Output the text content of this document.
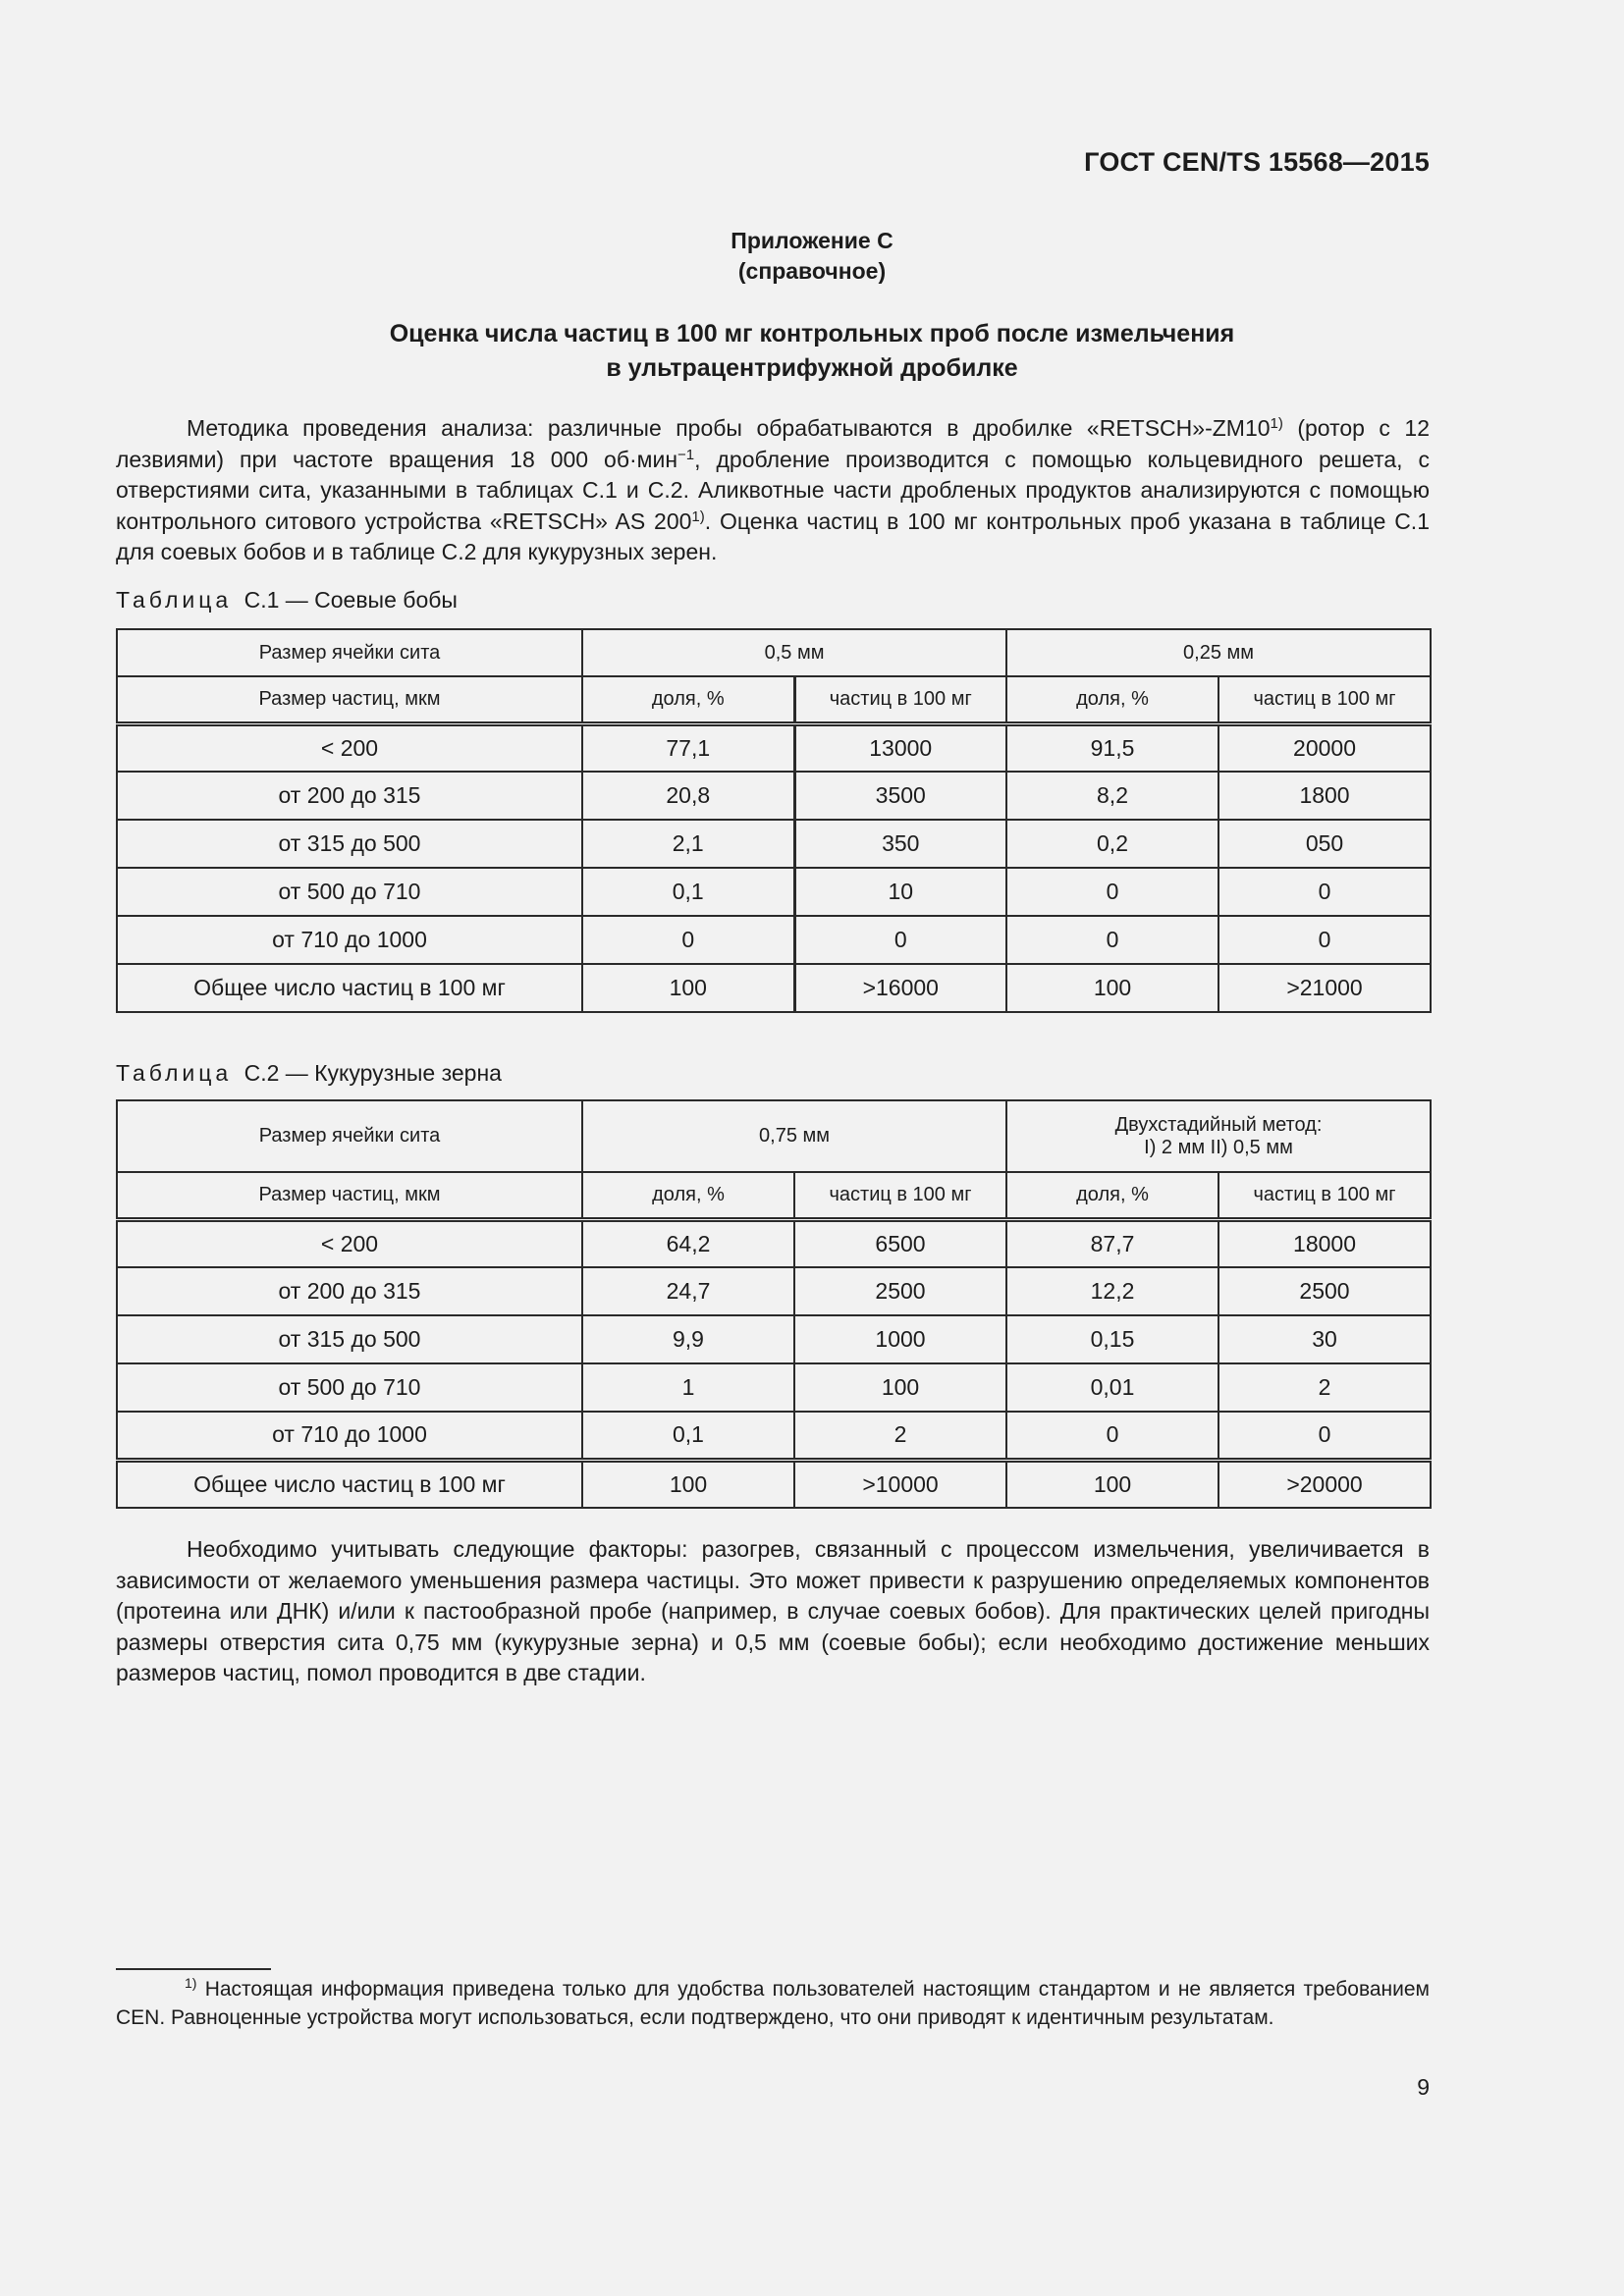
ГОСТ CEN/TS 15568—2015
Приложение С
(справочное)
Оценка числа частиц в 100 мг контрольных проб после измельчения
в ультрацентрифужной дробилке

Методика проведения анализа: различные пробы обрабатываются в дробилке «RETSCH»-ZM10$^{1)}$ (ротор с 12 лезвиями) при частоте вращения 18 000 об·мин$^{-1}$, дробление производится с помощью кольцевидного решета, с отверстиями сита, указанными в таблицах С.1 и С.2. Аликвотные части дробленых продуктов анализируются с помощью контрольного ситового устройства «RETSCH» AS 200$^{1)}$. Оценка частиц в 100 мг контрольных проб указана в таблице С.1 для соевых бобов и в таблице С.2 для кукурузных зерен.

Таблица С.1 — Соевые бобы
Размер ячейки сита	0,5 мм		0,25 мм	
Размер частиц, мкм	доля, %	частиц в 100 мг	доля, %	частиц в 100 мг
< 200	77,1	13000	91,5	20000
от 200 до 315	20,8	3500	8,2	1800
от 315 до 500	2,1	350	0,2	050
от 500 до 710	0,1	10	0	0
от 710 до 1000	0	0	0	0
Общее число частиц в 100 мг	100	>16000	100	>21000
Таблица С.2 — Кукурузные зерна
Размер ячейки сита	0,75 мм		Двухстадийный метод:
I) 2 мм II) 0,5 мм	

Размер частиц, мкм	доля, %	частиц в 100 мг	доля, %	частиц в 100 мг
< 200	64,2	6500	87,7	18000
от 200 до 315	24,7	2500	12,2	2500
от 315 до 500	9,9	1000	0,15	30
от 500 до 710	1	100	0,01	2
от 710 до 1000	0,1	2	0	0
Общее число частиц в 100 мг	100	>10000	100	>20000

Необходимо учитывать следующие факторы: разогрев, связанный с процессом измельчения, увеличивается в зависимости от желаемого уменьшения размера частицы. Это может привести к разрушению определяемых компонентов (протеина или ДНК) и/или к пастообразной пробе (например, в случае соевых бобов). Для практических целей пригодны размеры отверстия сита 0,75 мм (кукурузные зерна) и 0,5 мм (соевые бобы); если необходимо достижение меньших размеров частиц, помол проводится в две стадии.

$^{1)}$ Настоящая информация приведена только для удобства пользователей настоящим стандартом и не является требованием CEN. Равноценные устройства могут использоваться, если подтверждено, что они приводят к идентичным результатам.

9
